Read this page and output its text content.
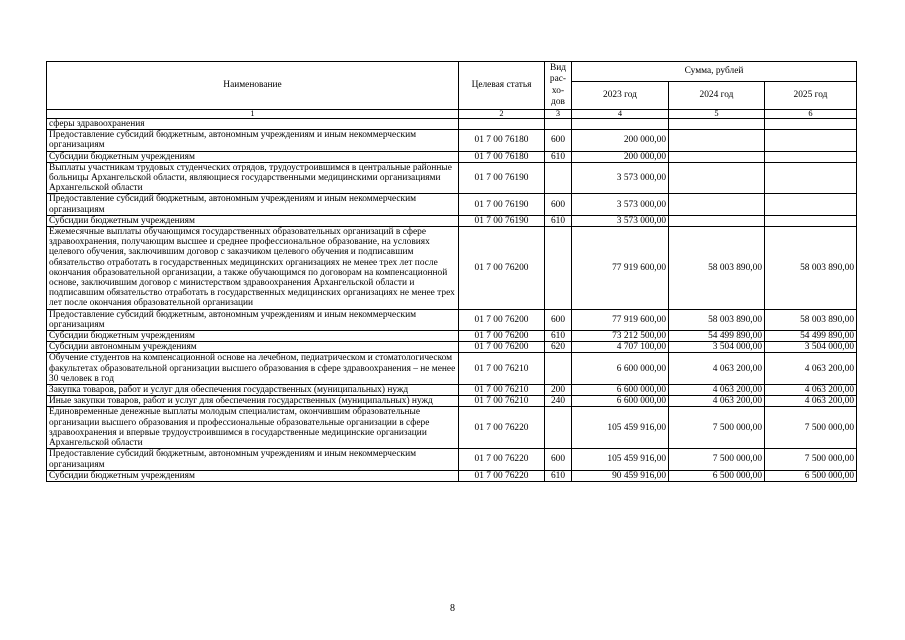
Наименование	Целевая статья	Вид
рас-
хо-
дов	Сумма, рублей		
			2023 год	2024 год	2025 год
1	2	3	4	5	6
сферы здравоохранения					
Предоставление субсидий бюджетным, автономным учреждениям и иным некоммерческим организациям	01 7 00 76180	600	200 000,00		
Субсидии бюджетным учреждениям	01 7 00 76180	610	200 000,00		
Выплаты участникам трудовых студенческих отрядов, трудоустроившимся в центральные районные больницы Архангельской области, являющиеся государственными медицинскими организациями Архангельской области	01 7 00 76190		3 573 000,00		
Предоставление субсидий бюджетным, автономным учреждениям и иным некоммерческим организациям	01 7 00 76190	600	3 573 000,00		
Субсидии бюджетным учреждениям	01 7 00 76190	610	3 573 000,00		
Ежемесячные выплаты обучающимся государственных образовательных организаций в сфере здравоохранения, получающим высшее и среднее профессиональное образование, на условиях целевого обучения, заключившим договор с заказчиком целевого обучения и подписавшим обязательство отработать в государственных медицинских организациях не менее трех лет после окончания образовательной организации, а также обучающимся по договорам на компенсационной основе, заключившим договор с министерством здравоохранения Архангельской области и подписавшим обязательство отработать в государственных медицинских организациях не менее трех лет после окончания образовательной организации	01 7 00 76200		77 919 600,00	58 003 890,00	58 003 890,00
Предоставление субсидий бюджетным, автономным учреждениям и иным некоммерческим организациям	01 7 00 76200	600	77 919 600,00	58 003 890,00	58 003 890,00
Субсидии бюджетным учреждениям	01 7 00 76200	610	73 212 500,00	54 499 890,00	54 499 890,00
Субсидии автономным учреждениям	01 7 00 76200	620	4 707 100,00	3 504 000,00	3 504 000,00
Обучение студентов на компенсационной основе на лечебном, педиатрическом и стоматологическом факультетах образовательной организации высшего образования в сфере здравоохранения – не менее 30 человек в год	01 7 00 76210		6 600 000,00	4 063 200,00	4 063 200,00
Закупка товаров, работ и услуг для обеспечения государственных (муниципальных) нужд	01 7 00 76210	200	6 600 000,00	4 063 200,00	4 063 200,00
Иные закупки товаров, работ и услуг для обеспечения государственных (муниципальных) нужд	01 7 00 76210	240	6 600 000,00	4 063 200,00	4 063 200,00
Единовременные денежные выплаты молодым специалистам, окончившим образовательные организации высшего образования и профессиональные образовательные организации в сфере здравоохранения и впервые трудоустроившимся в государственные медицинские организации Архангельской области	01 7 00 76220		105 459 916,00	7 500 000,00	7 500 000,00
Предоставление субсидий бюджетным, автономным учреждениям и иным некоммерческим организациям	01 7 00 76220	600	105 459 916,00	7 500 000,00	7 500 000,00
Субсидии бюджетным учреждениям	01 7 00 76220	610	90 459 916,00	6 500 000,00	6 500 000,00
8
